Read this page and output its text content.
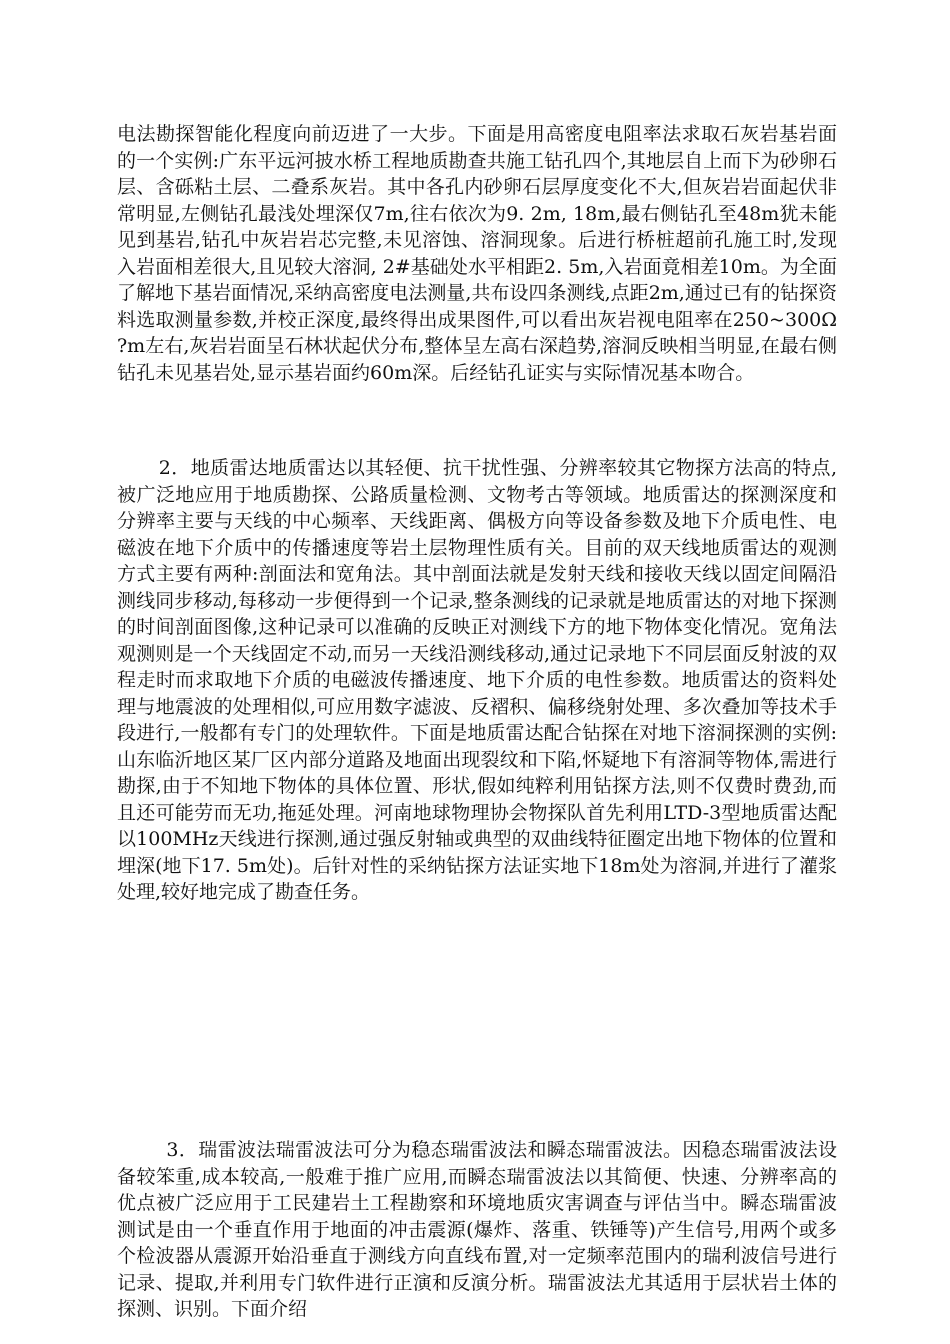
电法勘探智能化程度向前迈进了一大步。下面是用高密度电阻率法求取石灰岩基岩面的一个实例:广东平远河披水桥工程地质勘查共施工钻孔四个,其地层自上而下为砂卵石层、含砾粘土层、二叠系灰岩。其中各孔内砂卵石层厚度变化不大,但灰岩岩面起伏非常明显,左侧钻孔最浅处埋深仅7m,往右依次为9. 2m, 18m,最右侧钻孔至48m犹未能见到基岩,钻孔中灰岩岩芯完整,未见溶蚀、溶洞现象。后进行桥桩超前孔施工时,发现入岩面相差很大,且见较大溶洞, 2#基础处水平相距2. 5m,入岩面竟相差10m。为全面了解地下基岩面情况,采纳高密度电法测量,共布设四条测线,点距2m,通过已有的钻探资料选取测量参数,并校正深度,最终得出成果图件,可以看出灰岩视电阻率在250~300Ω?m左右,灰岩岩面呈石林状起伏分布,整体呈左高右深趋势,溶洞反映相当明显,在最右侧钻孔未见基岩处,显示基岩面约60m深。后经钻孔证实与实际情况基本吻合。

2．地质雷达地质雷达以其轻便、抗干扰性强、分辨率较其它物探方法高的特点,被广泛地应用于地质勘探、公路质量检测、文物考古等领域。地质雷达的探测深度和分辨率主要与天线的中心频率、天线距离、偶极方向等设备参数及地下介质电性、电磁波在地下介质中的传播速度等岩土层物理性质有关。目前的双天线地质雷达的观测方式主要有两种:剖面法和宽角法。其中剖面法就是发射天线和接收天线以固定间隔沿测线同步移动,每移动一步便得到一个记录,整条测线的记录就是地质雷达的对地下探测的时间剖面图像,这种记录可以准确的反映正对测线下方的地下物体变化情况。宽角法观测则是一个天线固定不动,而另一天线沿测线移动,通过记录地下不同层面反射波的双程走时而求取地下介质的电磁波传播速度、地下介质的电性参数。地质雷达的资料处理与地震波的处理相似,可应用数字滤波、反褶积、偏移绕射处理、多次叠加等技术手段进行,一般都有专门的处理软件。下面是地质雷达配合钻探在对地下溶洞探测的实例:山东临沂地区某厂区内部分道路及地面出现裂纹和下陷,怀疑地下有溶洞等物体,需进行勘探,由于不知地下物体的具体位置、形状,假如纯粹利用钻探方法,则不仅费时费劲,而且还可能劳而无功,拖延处理。河南地球物理协会物探队首先利用LTD-3型地质雷达配以100MHz天线进行探测,通过强反射轴或典型的双曲线特征圈定出地下物体的位置和埋深(地下17. 5m处)。后针对性的采纳钻探方法证实地下18m处为溶洞,并进行了灌浆处理,较好地完成了勘查任务。

3．瑞雷波法瑞雷波法可分为稳态瑞雷波法和瞬态瑞雷波法。因稳态瑞雷波法设备较笨重,成本较高,一般难于推广应用,而瞬态瑞雷波法以其简便、快速、分辨率高的优点被广泛应用于工民建岩土工程勘察和环境地质灾害调查与评估当中。瞬态瑞雷波测试是由一个垂直作用于地面的冲击震源(爆炸、落重、铁锤等)产生信号,用两个或多个检波器从震源开始沿垂直于测线方向直线布置,对一定频率范围内的瑞利波信号进行记录、提取,并利用专门软件进行正演和反演分析。瑞雷波法尤其适用于层状岩土体的探测、识别。下面介绍
